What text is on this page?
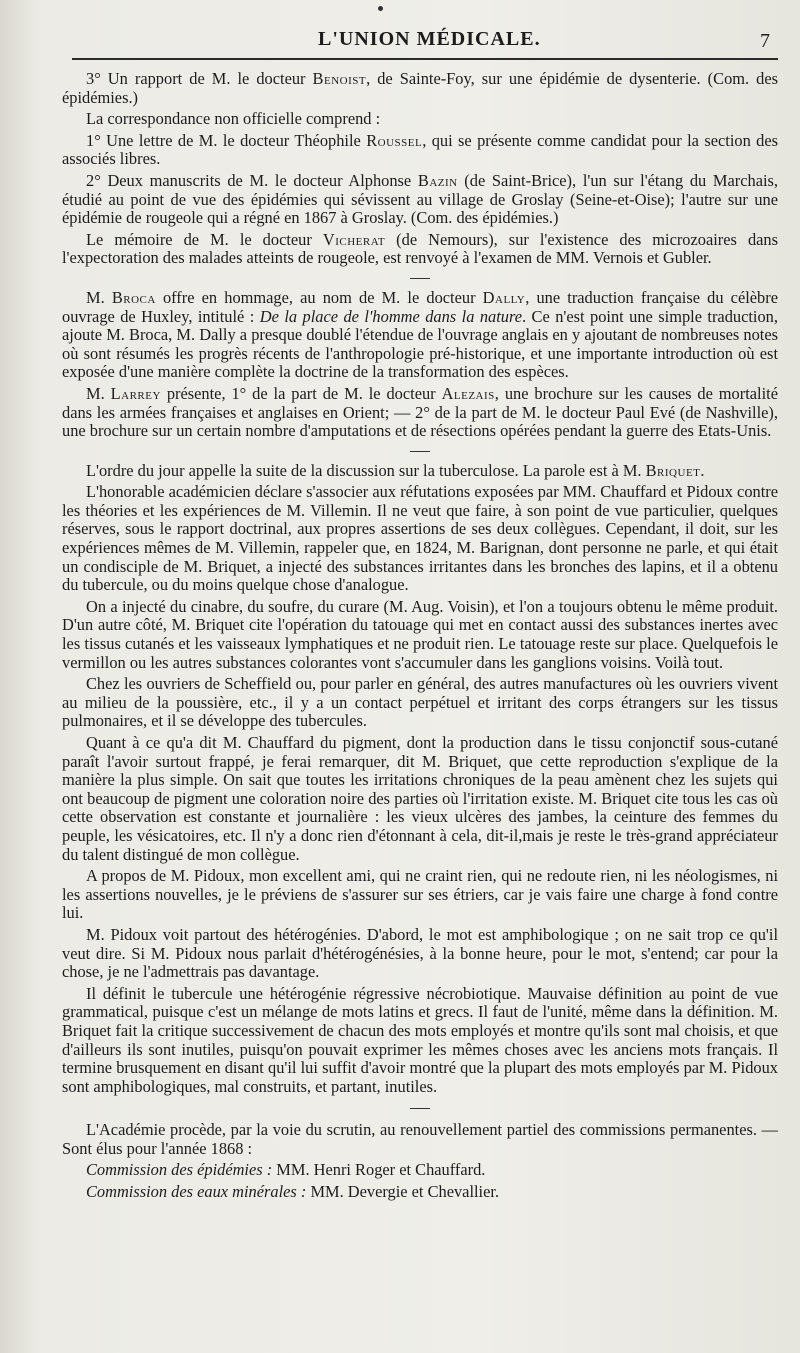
L'UNION MÉDICALE.	7

3° Un rapport de M. le docteur Benoist, de Sainte-Foy, sur une épidémie de dysenterie. (Com. des épidémies.)

La correspondance non officielle comprend :

1° Une lettre de M. le docteur Théophile Roussel, qui se présente comme candidat pour la section des associés libres.

2° Deux manuscrits de M. le docteur Alphonse Bazin (de Saint-Brice), l'un sur l'étang du Marchais, étudié au point de vue des épidémies qui sévissent au village de Groslay (Seine-et-Oise); l'autre sur une épidémie de rougeole qui a régné en 1867 à Groslay. (Com. des épidémies.)

Le mémoire de M. le docteur Vicherat (de Nemours), sur l'existence des microzoaires dans l'expectoration des malades atteints de rougeole, est renvoyé à l'examen de MM. Vernois et Gubler.

M. Broca offre en hommage, au nom de M. le docteur Dally, une traduction française du célèbre ouvrage de Huxley, intitulé : De la place de l'homme dans la nature. Ce n'est point une simple traduction, ajoute M. Broca, M. Dally a presque doublé l'étendue de l'ouvrage anglais en y ajoutant de nombreuses notes où sont résumés les progrès récents de l'anthropologie pré-historique, et une importante introduction où est exposée d'une manière complète la doctrine de la transformation des espèces.

M. Larrey présente, 1° de la part de M. le docteur Alezais, une brochure sur les causes de mortalité dans les armées françaises et anglaises en Orient; — 2° de la part de M. le docteur Paul Evé (de Nashville), une brochure sur un certain nombre d'amputations et de résections opérées pendant la guerre des Etats-Unis.

L'ordre du jour appelle la suite de la discussion sur la tuberculose. La parole est à M. Briquet.

L'honorable académicien déclare s'associer aux réfutations exposées par MM. Chauffard et Pidoux contre les théories et les expériences de M. Villemin. Il ne veut que faire, à son point de vue particulier, quelques réserves, sous le rapport doctrinal, aux propres assertions de ses deux collègues. Cependant, il doit, sur les expériences mêmes de M. Villemin, rappeler que, en 1824, M. Barignan, dont personne ne parle, et qui était un condisciple de M. Briquet, a injecté des substances irritantes dans les bronches des lapins, et il a obtenu du tubercule, ou du moins quelque chose d'analogue.

On a injecté du cinabre, du soufre, du curare (M. Aug. Voisin), et l'on a toujours obtenu le même produit. D'un autre côté, M. Briquet cite l'opération du tatouage qui met en contact aussi des substances inertes avec les tissus cutanés et les vaisseaux lymphatiques et ne produit rien. Le tatouage reste sur place. Quelquefois le vermillon ou les autres substances colorantes vont s'accumuler dans les ganglions voisins. Voilà tout.

Chez les ouvriers de Scheffield ou, pour parler en général, des autres manufactures où les ouvriers vivent au milieu de la poussière, etc., il y a un contact perpétuel et irritant des corps étrangers sur les tissus pulmonaires, et il se développe des tubercules.

Quant à ce qu'a dit M. Chauffard du pigment, dont la production dans le tissu conjonctif sous-cutané paraît l'avoir surtout frappé, je ferai remarquer, dit M. Briquet, que cette reproduction s'explique de la manière la plus simple. On sait que toutes les irritations chroniques de la peau amènent chez les sujets qui ont beaucoup de pigment une coloration noire des parties où l'irritation existe. M. Briquet cite tous les cas où cette observation est constante et journalière : les vieux ulcères des jambes, la ceinture des femmes du peuple, les vésicatoires, etc. Il n'y a donc rien d'étonnant à cela, dit-il,mais je reste le très-grand appréciateur du talent distingué de mon collègue.

A propos de M. Pidoux, mon excellent ami, qui ne craint rien, qui ne redoute rien, ni les néologismes, ni les assertions nouvelles, je le préviens de s'assurer sur ses étriers, car je vais faire une charge à fond contre lui.

M. Pidoux voit partout des hétérogénies. D'abord, le mot est amphibologique ; on ne sait trop ce qu'il veut dire. Si M. Pidoux nous parlait d'hétérogénésies, à la bonne heure, pour le mot, s'entend; car pour la chose, je ne l'admettrais pas davantage.

Il définit le tubercule une hétérogénie régressive nécrobiotique. Mauvaise définition au point de vue grammatical, puisque c'est un mélange de mots latins et grecs. Il faut de l'unité, même dans la définition. M. Briquet fait la critique successivement de chacun des mots employés et montre qu'ils sont mal choisis, et que d'ailleurs ils sont inutiles, puisqu'on pouvait exprimer les mêmes choses avec les anciens mots français. Il termine brusquement en disant qu'il lui suffit d'avoir montré que la plupart des mots employés par M. Pidoux sont amphibologiques, mal construits, et partant, inutiles.

L'Académie procède, par la voie du scrutin, au renouvellement partiel des commissions permanentes. — Sont élus pour l'année 1868 :

Commission des épidémies : MM. Henri Roger et Chauffard.

Commission des eaux minérales : MM. Devergie et Chevallier.
